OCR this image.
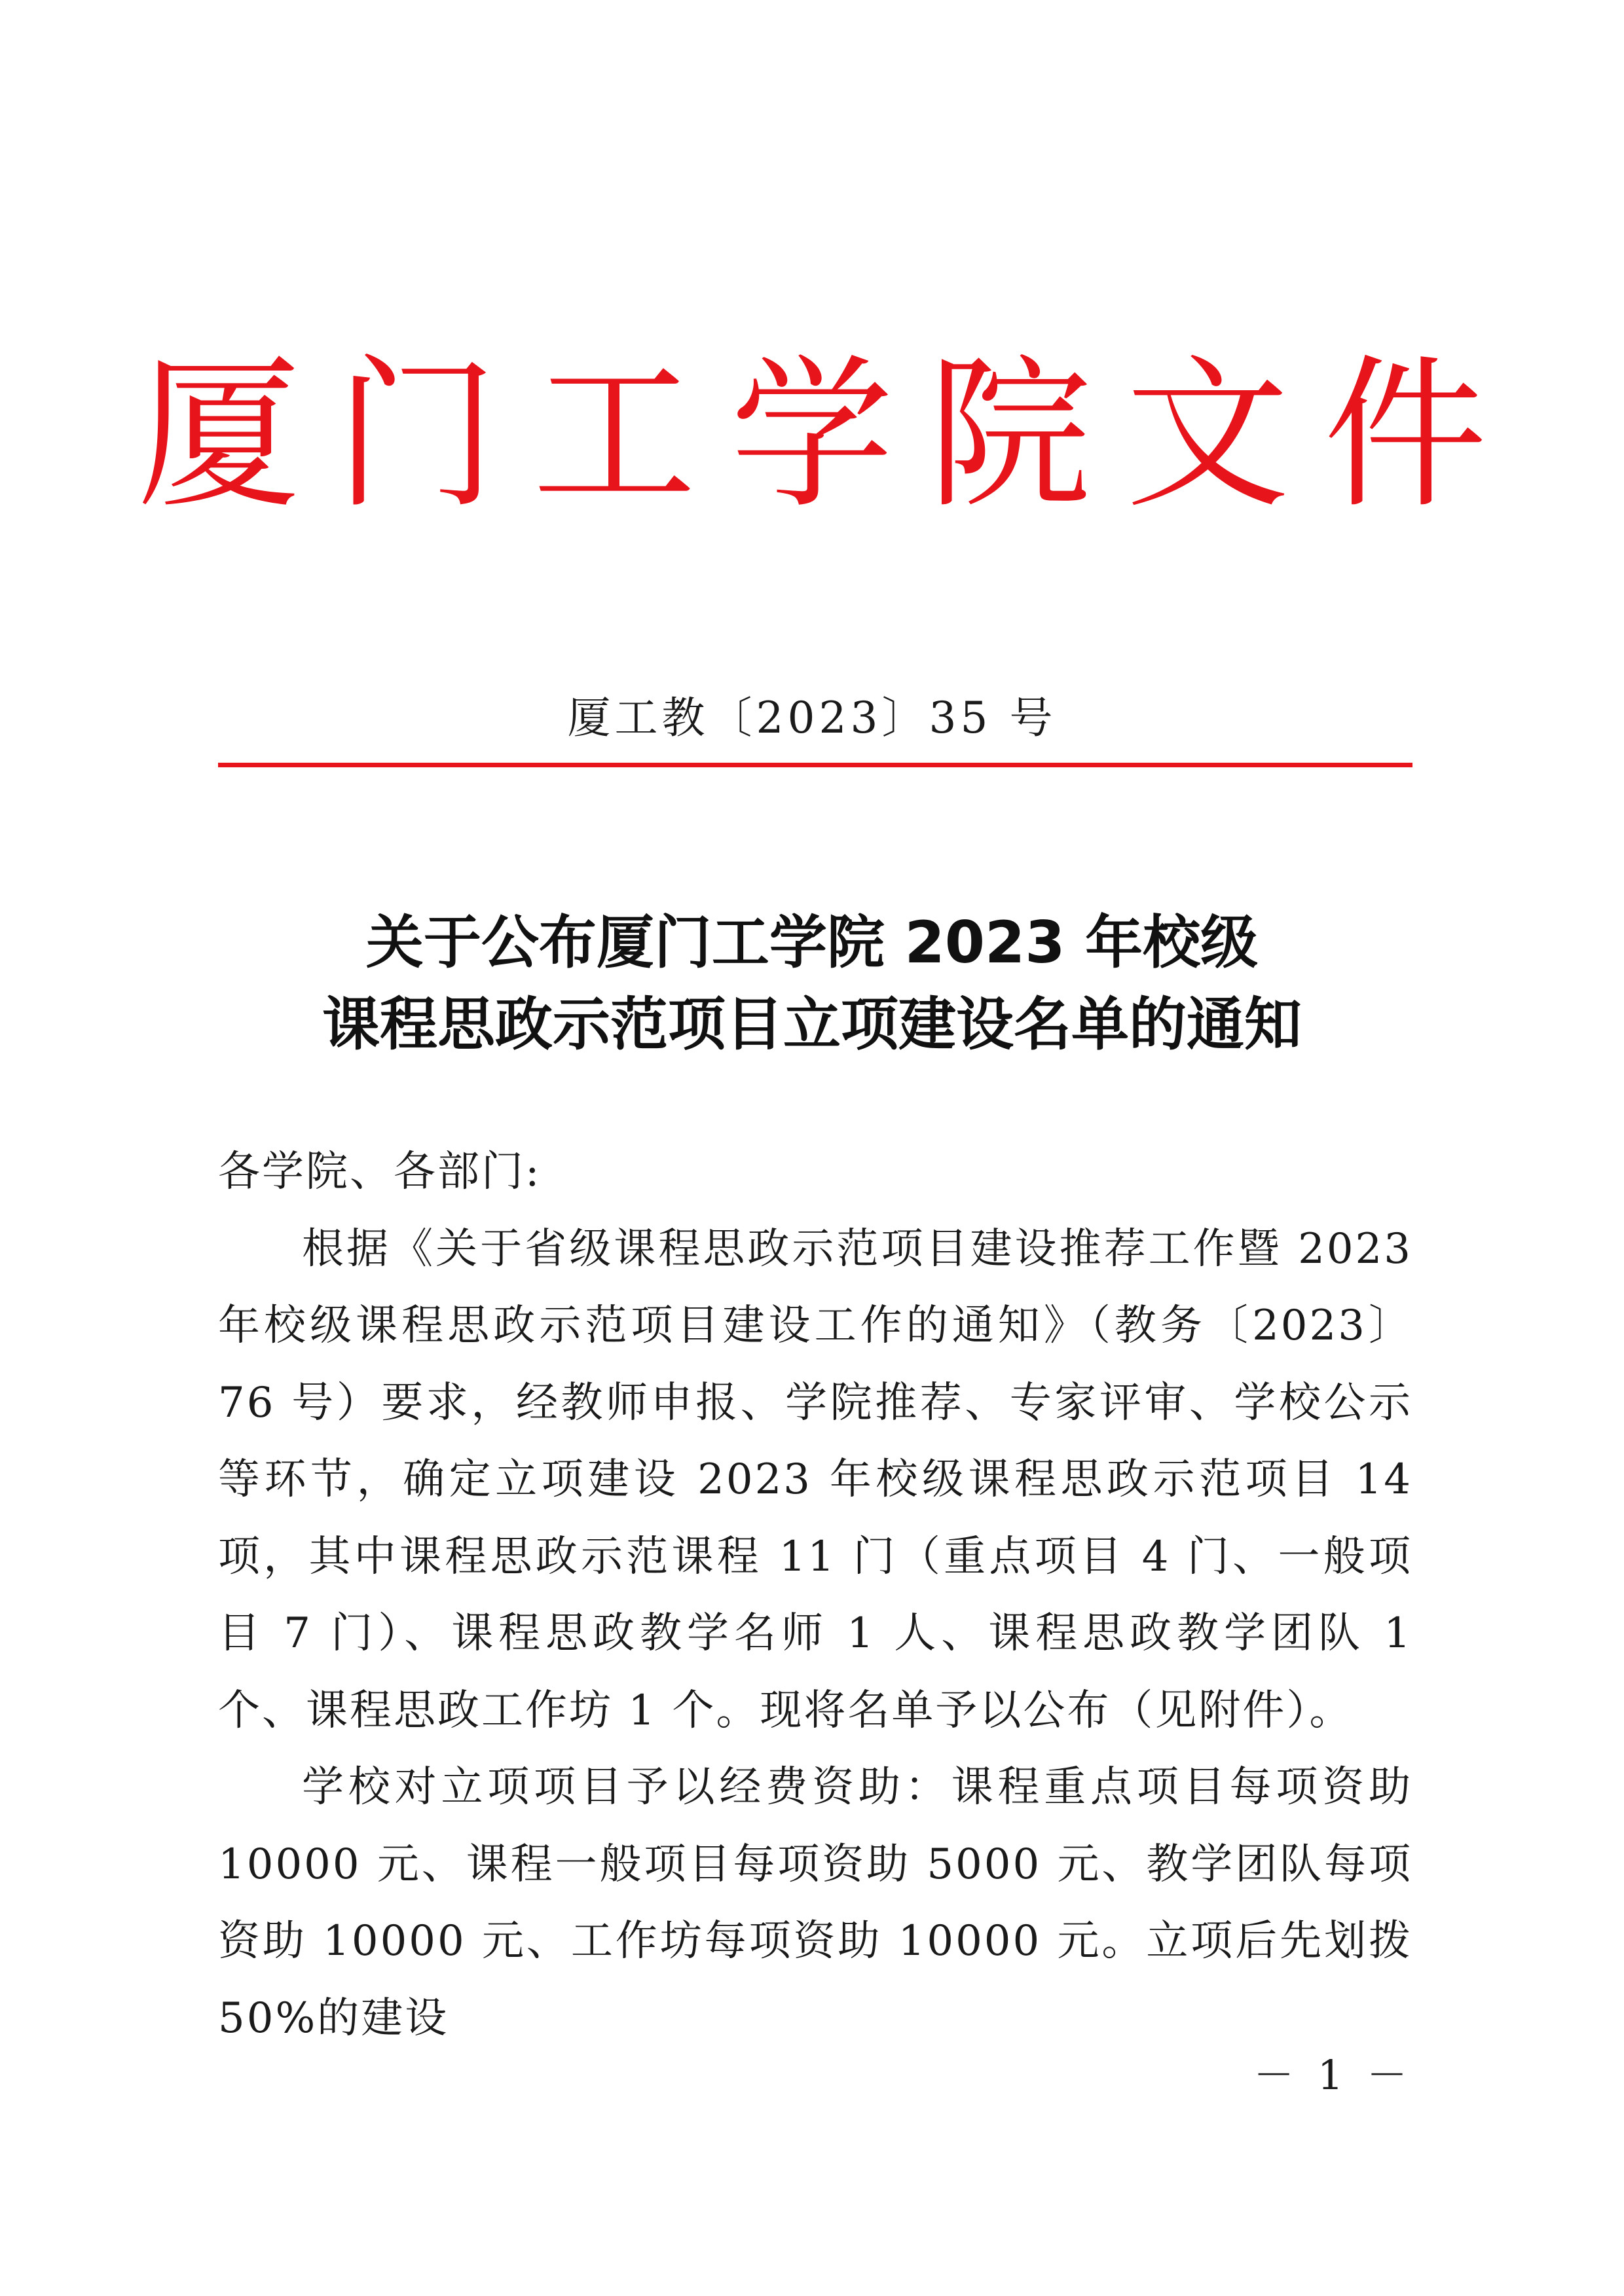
厦门工学院文件
厦工教〔2023〕35 号
关于公布厦门工学院 2023 年校级
课程思政示范项目立项建设名单的通知

各学院、各部门:

根据《关于省级课程思政示范项目建设推荐工作暨 2023 年校级课程思政示范项目建设工作的通知》（教务〔2023〕76 号）要求，经教师申报、学院推荐、专家评审、学校公示等环节，确定立项建设 2023 年校级课程思政示范项目 14 项，其中课程思政示范课程 11 门（重点项目 4 门、一般项目 7 门）、课程思政教学名师 1 人、课程思政教学团队 1 个、课程思政工作坊 1 个。现将名单予以公布（见附件）。

学校对立项项目予以经费资助：课程重点项目每项资助 10000 元、课程一般项目每项资助 5000 元、教学团队每项资助 10000 元、工作坊每项资助 10000 元。立项后先划拨 50%的建设

－ 1 －
